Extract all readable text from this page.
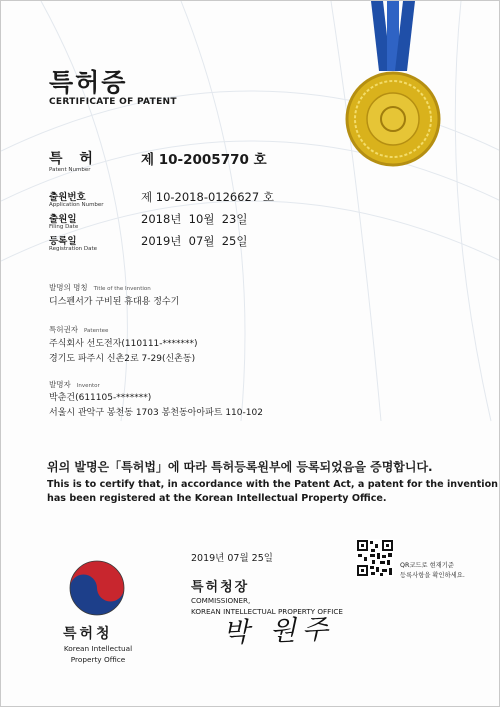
특허증
CERTIFICATE OF PATENT
특 허
Patent Number
제 10-2005770 호
출원번호
Application Number
제 10-2018-0126627 호
출원일
Filing Date
2018년  10월  23일
등록일
Registration Date
2019년  07월  25일
발명의 명칭 Title of the Invention
디스펜서가 구비된 휴대용 정수기
특허권자 Patentee
주식회사 선도전자(110111-*******)
경기도 파주시 신촌2로 7-29(신촌동)
발명자 Inventor
박춘건(611105-*******)
서울시 관악구 봉천동 1703 봉천동아아파트 110-102
위의 발명은「특허법」에 따라 특허등록원부에 등록되었음을 증명합니다.
This is to certify that, in accordance with the Patent Act, a patent for the invention
has been registered at the Korean Intellectual Property Office.
2019년 07월 25일
QR코드로 현재기준
등록사항을 확인하세요.
특허청장
COMMISSIONER,
KOREAN INTELLECTUAL PROPERTY OFFICE
박 원주
특허청
Korean Intellectual
Property Office
